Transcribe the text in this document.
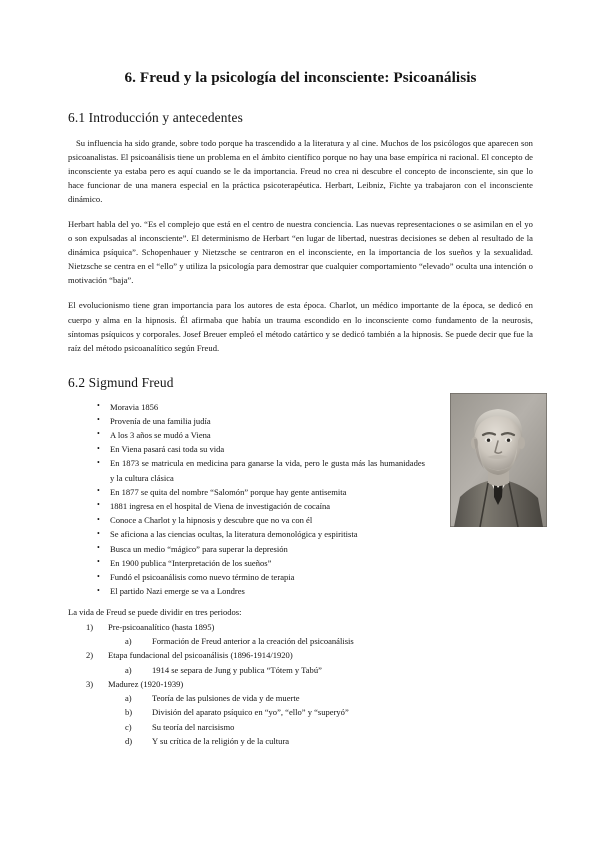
6. Freud y la psicología del inconsciente: Psicoanálisis
6.1 Introducción y antecedentes

Su influencia ha sido grande, sobre todo porque ha trascendido a la literatura y al cine. Muchos de los psicólogos que aparecen son psicoanalistas. El psicoanálisis tiene un problema en el ámbito científico porque no hay una base empírica ni racional. El concepto de inconsciente ya estaba pero es aquí cuando se le da importancia. Freud no crea ni descubre el concepto de inconsciente, sin que lo hace funcionar de una manera especial en la práctica psicoterapéutica. Herbart, Leibniz, Fichte ya trabajaron con el inconsciente dinámico.

Herbart habla del yo. “Es el complejo que está en el centro de nuestra conciencia. Las nuevas representaciones o se asimilan en el yo o son expulsadas al inconsciente”. El determinismo de Herbart “en lugar de libertad, nuestras decisiones se deben al resultado de la dinámica psíquica”. Schopenhauer y Nietzsche se centraron en el inconsciente, en la importancia de los sueños y la sexualidad. Nietzsche se centra en el “ello” y utiliza la psicología para demostrar que cualquier comportamiento “elevado” oculta una intención o motivación “baja”.

El evolucionismo tiene gran importancia para los autores de esta época. Charlot, un médico importante de la época, se dedicó en cuerpo y alma en la hipnosis. Él afirmaba que había un trauma escondido en lo inconsciente como fundamento de la neurosis, síntomas psíquicos y corporales. Josef Breuer empleó el método catártico y se dedicó también a la hipnosis. Se puede decir que fue la raíz del método psicoanalítico según Freud.

6.2 Sigmund Freud
• Moravia 1856
• Provenía de una familia judía
• A los 3 años se mudó a Viena
• En Viena pasará casi toda su vida
• En 1873 se matricula en medicina para ganarse la vida, pero le gusta más las humanidades y la cultura clásica
• En 1877 se quita del nombre “Salomón” porque hay gente antisemita
• 1881 ingresa en el hospital de Viena de investigación de cocaína
• Conoce a Charlot y la hipnosis y descubre que no va con él
• Se aficiona a las ciencias ocultas, la literatura demonológica y espiritista
• Busca un medio “mágico” para superar la depresión
• En 1900 publica “Interpretación de los sueños”
• Fundó el psicoanálisis como nuevo término de terapia
• El partido Nazi emerge se va a Londres

La vida de Freud se puede dividir en tres periodos:

1)	Pre-psicoanalítico (hasta 1895)
a)	Formación de Freud anterior a la creación del psicoanálisis
2)	Etapa fundacional del psicoanálisis (1896-1914/1920)
a)	1914 se separa de Jung y publica “Tótem y Tabú”
3)	Madurez (1920-1939)
a)	Teoría de las pulsiones de vida y de muerte
b)	División del aparato psíquico en “yo”, “ello” y “superyó”
c)	Su teoría del narcisismo
d)	Y su crítica de la religión y de la cultura
